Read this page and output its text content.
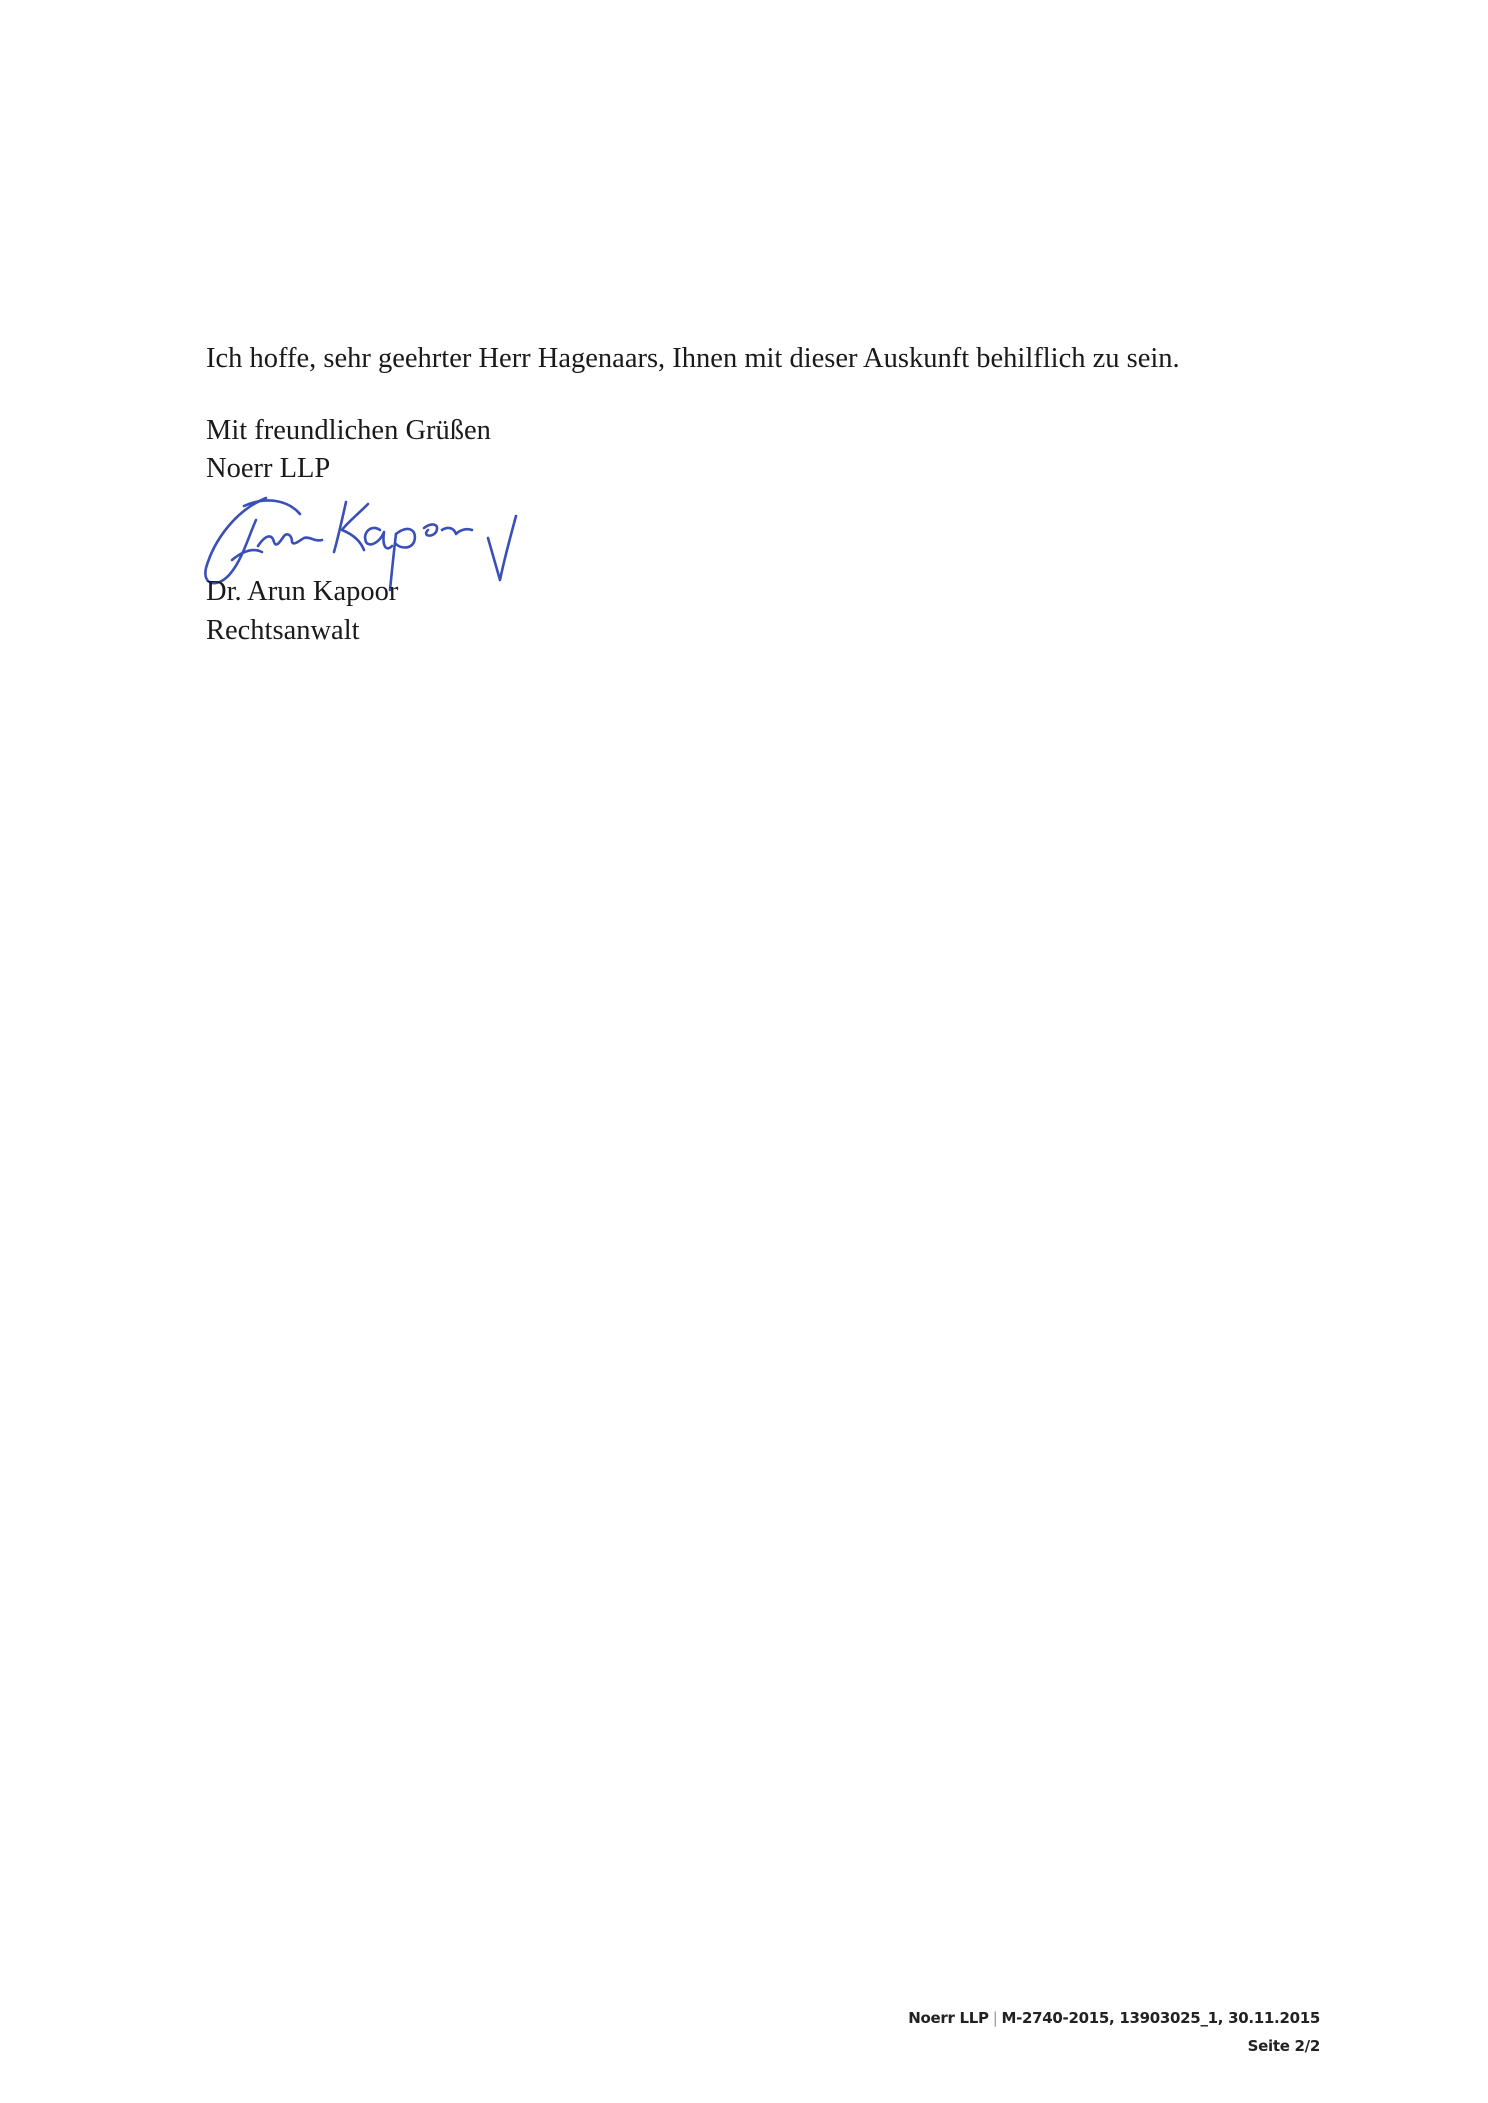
Ich hoffe, sehr geehrter Herr Hagenaars, Ihnen mit dieser Auskunft behilflich zu sein.
Mit freundlichen Grüßen
Noerr LLP
Dr. Arun Kapoor
Rechtsanwalt
Noerr LLP | M-2740-2015, 13903025_1, 30.11.2015
Seite 2/2
